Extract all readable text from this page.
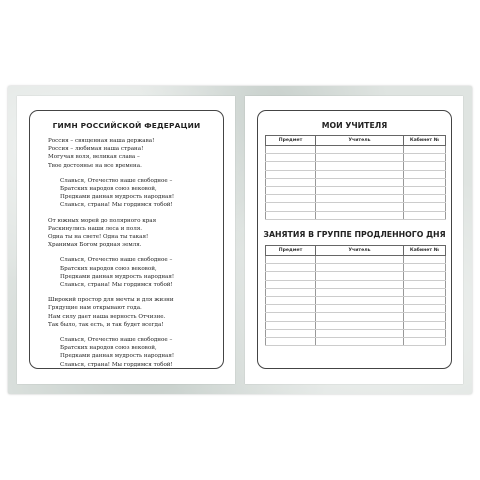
ГИМН РОССИЙСКОЙ ФЕДЕРАЦИИ
Россия – священная наша держава!
Россия – любимая наша страна!
Могучая воля, великая слава –
Твое достоянье на все времена.
Славься, Отечество наше свободное –
Братских народов союз вековой,
Предками данная мудрость народная!
Славься, страна! Мы гордимся тобой!
От южных морей до полярного края
Раскинулись наши леса и поля.
Одна ты на свете! Одна ты такая!
Хранимая Богом родная земля.
Славься, Отечество наше свободное –
Братских народов союз вековой,
Предками данная мудрость народная!
Славься, страна! Мы гордимся тобой!
Широкий простор для мечты и для жизни
Грядущие нам открывают года.
Нам силу дает наша верность Отчизне.
Так было, так есть, и так будет всегда!
Славься, Отечество наше свободное –
Братских народов союз вековой,
Предками данная мудрость народная!
Славься, страна! Мы гордимся тобой!
МОИ УЧИТЕЛЯ
Предмет	Учитель	Кабинет №

ЗАНЯТИЯ В ГРУППЕ ПРОДЛЕННОГО ДНЯ
Предмет	Учитель	Кабинет №
